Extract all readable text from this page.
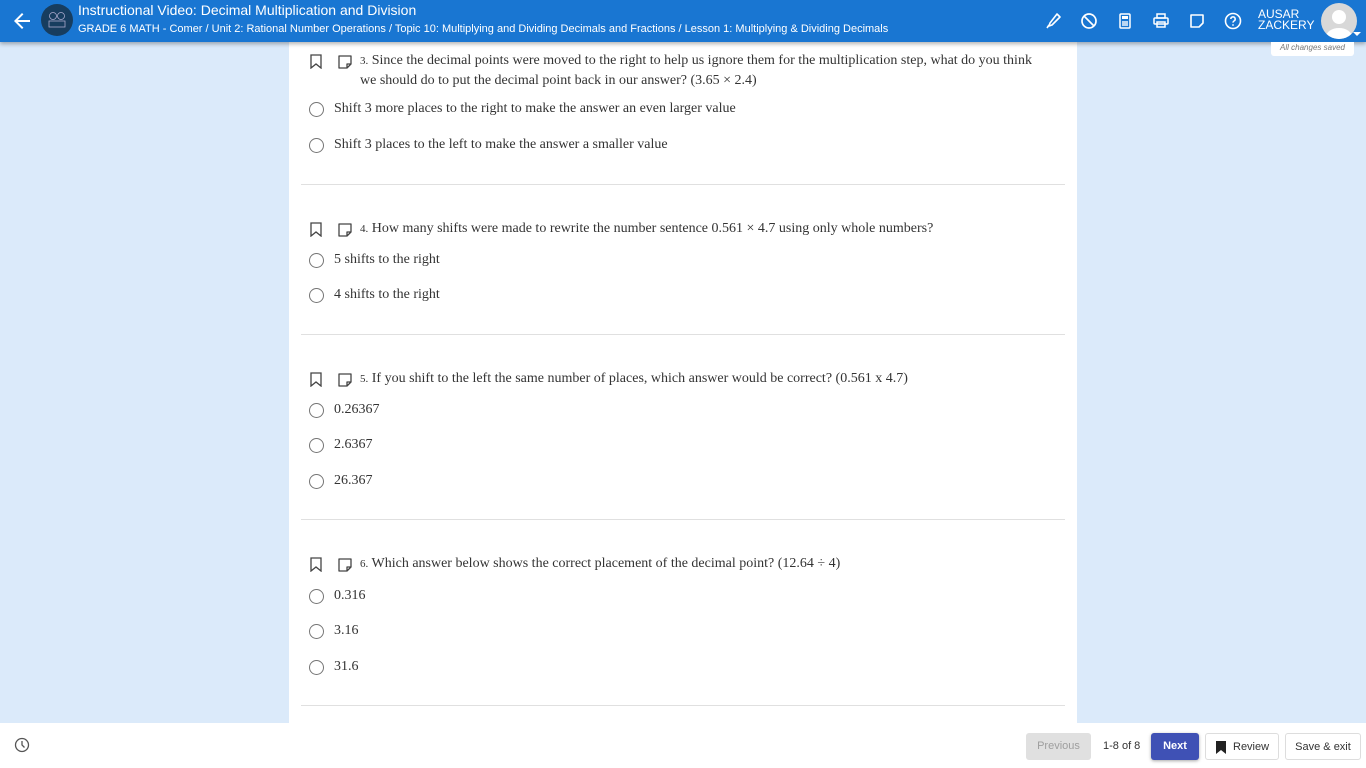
Instructional Video: Decimal Multiplication and Division
GRADE 6 MATH - Comer / Unit 2: Rational Number Operations / Topic 10: Multiplying and Dividing Decimals and Fractions / Lesson 1: Multiplying & Dividing Decimals
AUSAR
ZACKERY
All changes saved
3. Since the decimal points were moved to the right to help us ignore them for the multiplication step, what do you think we should do to put the decimal point back in our answer? (3.65 × 2.4)
Shift 3 more places to the right to make the answer an even larger value
Shift 3 places to the left to make the answer a smaller value
4. How many shifts were made to rewrite the number sentence 0.561 × 4.7 using only whole numbers?
5 shifts to the right
4 shifts to the right
5. If you shift to the left the same number of places, which answer would be correct? (0.561 x 4.7)
0.26367
2.6367
26.367
6. Which answer below shows the correct placement of the decimal point? (12.64 ÷ 4)
0.316
3.16
31.6
Previous	1-8 of 8	Next	Review	Save & exit
